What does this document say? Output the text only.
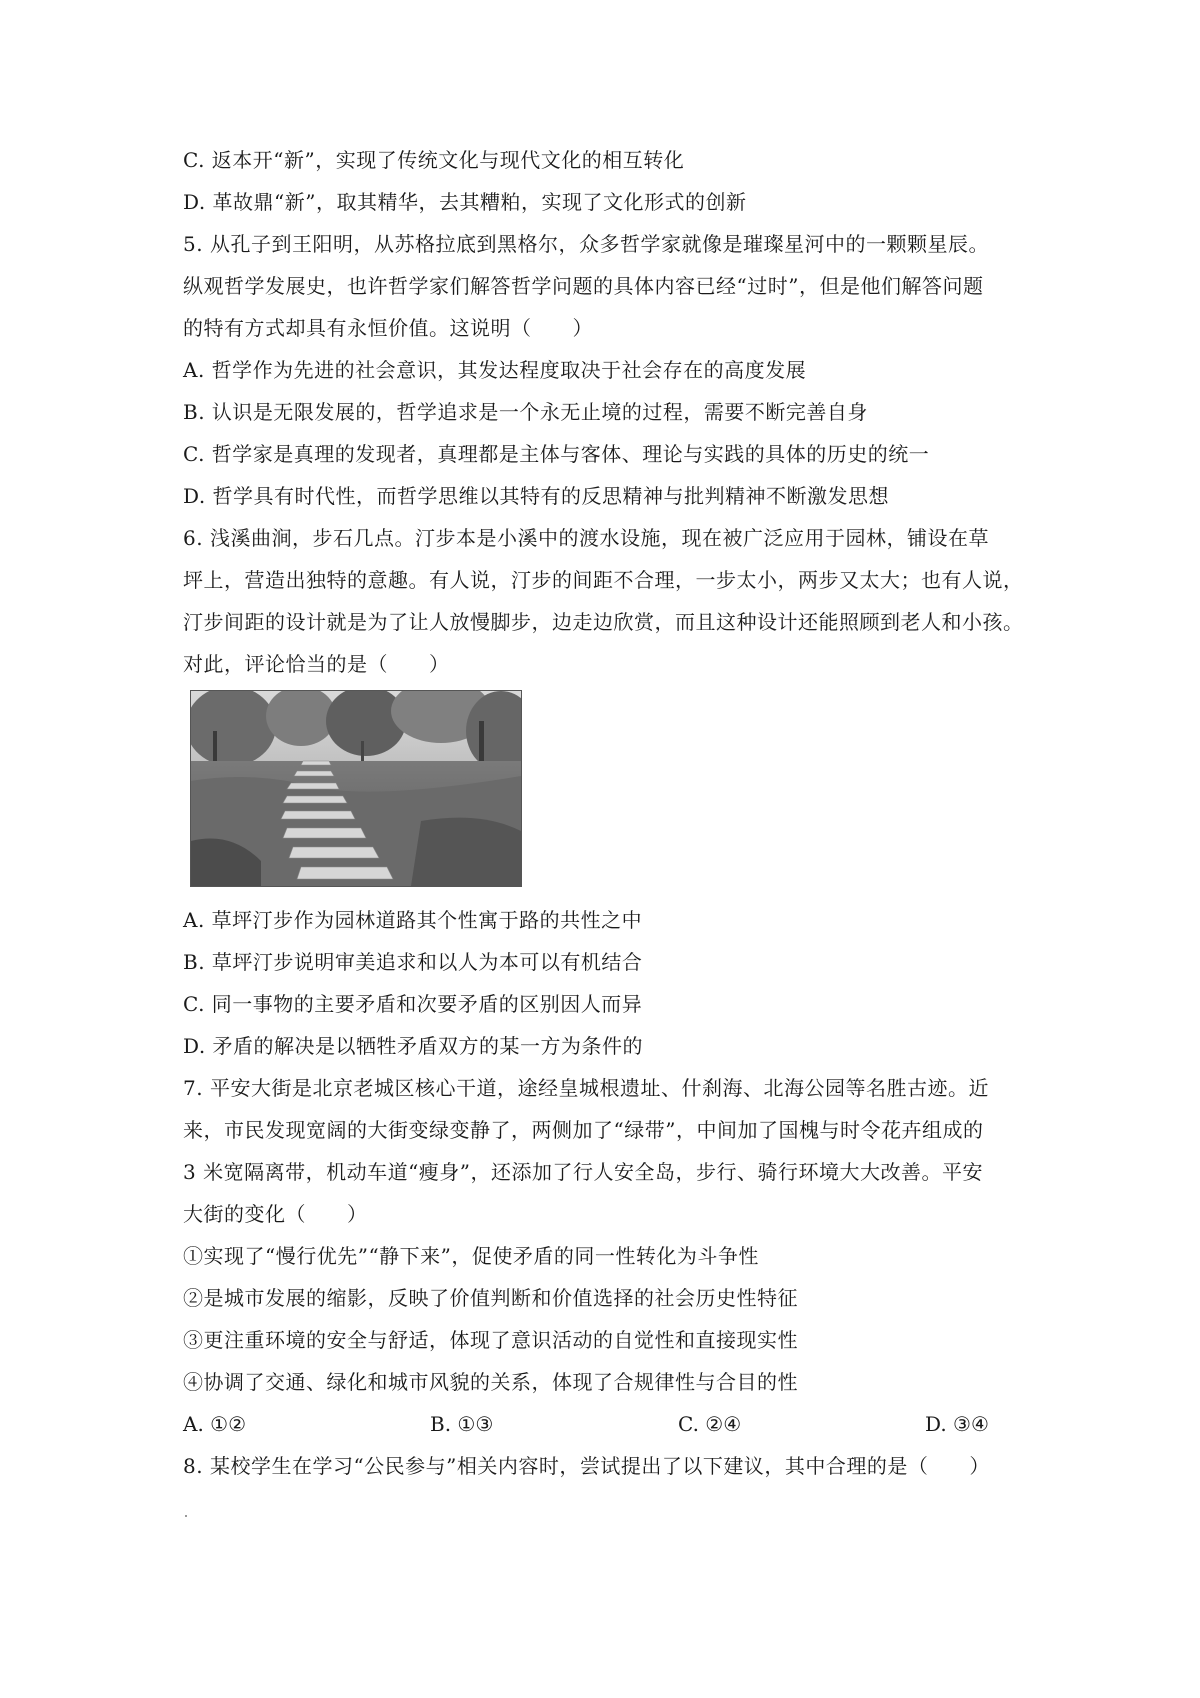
C. 返本开“新”，实现了传统文化与现代文化的相互转化
D. 革故鼎“新”，取其精华，去其糟粕，实现了文化形式的创新
5. 从孔子到王阳明，从苏格拉底到黑格尔，众多哲学家就像是璀璨星河中的一颗颗星辰。
纵观哲学发展史，也许哲学家们解答哲学问题的具体内容已经“过时”，但是他们解答问题
的特有方式却具有永恒价值。这说明（　　）
A. 哲学作为先进的社会意识，其发达程度取决于社会存在的高度发展
B. 认识是无限发展的，哲学追求是一个永无止境的过程，需要不断完善自身
C. 哲学家是真理的发现者，真理都是主体与客体、理论与实践的具体的历史的统一
D. 哲学具有时代性，而哲学思维以其特有的反思精神与批判精神不断激发思想
6. 浅溪曲涧，步石几点。汀步本是小溪中的渡水设施，现在被广泛应用于园林，铺设在草
坪上，营造出独特的意趣。有人说，汀步的间距不合理，一步太小，两步又太大；也有人说，
汀步间距的设计就是为了让人放慢脚步，边走边欣赏，而且这种设计还能照顾到老人和小孩。
对此，评论恰当的是（　　）
A. 草坪汀步作为园林道路其个性寓于路的共性之中
B. 草坪汀步说明审美追求和以人为本可以有机结合
C. 同一事物的主要矛盾和次要矛盾的区别因人而异
D. 矛盾的解决是以牺牲矛盾双方的某一方为条件的
7. 平安大街是北京老城区核心干道，途经皇城根遗址、什刹海、北海公园等名胜古迹。近
来，市民发现宽阔的大街变绿变静了，两侧加了“绿带”，中间加了国槐与时令花卉组成的
3 米宽隔离带，机动车道“瘦身”，还添加了行人安全岛，步行、骑行环境大大改善。平安
大街的变化（　　）
①实现了“慢行优先”“静下来”，促使矛盾的同一性转化为斗争性
②是城市发展的缩影，反映了价值判断和价值选择的社会历史性特征
③更注重环境的安全与舒适，体现了意识活动的自觉性和直接现实性
④协调了交通、绿化和城市风貌的关系，体现了合规律性与合目的性
A. ①②	B. ①③	C. ②④	D. ③④
8. 某校学生在学习“公民参与”相关内容时，尝试提出了以下建议，其中合理的是（　　）
